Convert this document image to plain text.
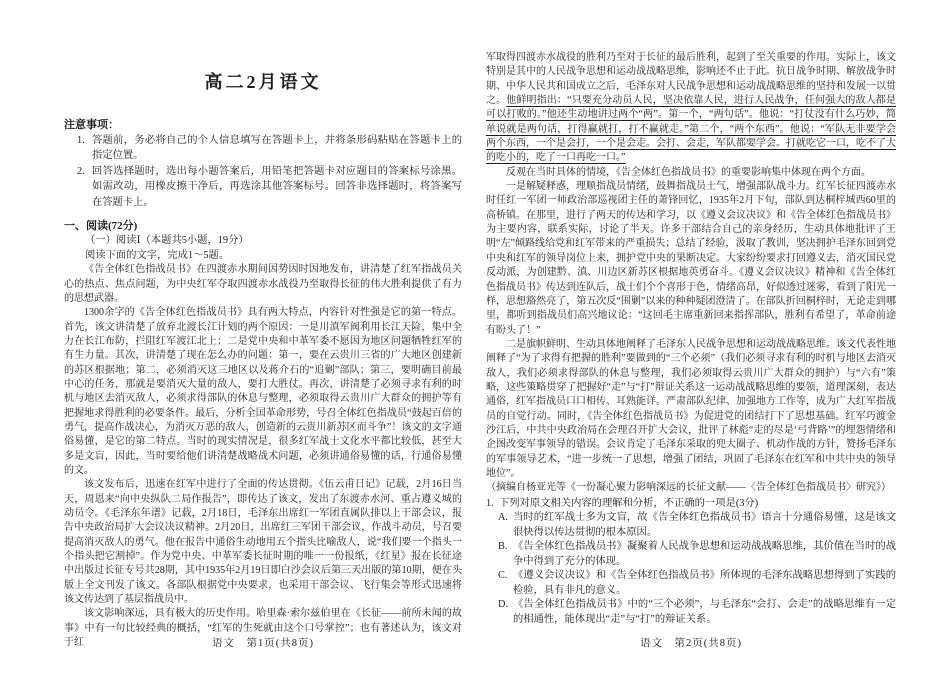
高二2月语文
注意事项：
1. 答题前，务必将自己的个人信息填写在答题卡上，并将条形码粘贴在答题卡上的指定位置。
2. 回答选择题时，选出每小题答案后，用铅笔把答题卡对应题目的答案标号涂黑。如需改动，用橡皮擦干净后，再选涂其他答案标号。回答非选择题时，将答案写在答题卡上。
一、阅读(72分)
（一）阅读Ⅰ（本题共5小题，19分）
阅读下面的文字，完成1～5题。

《告全体红色指战员书》在四渡赤水期间因势因时因地发布，讲清楚了红军指战员关心的热点、焦点问题，为中央红军夺取四渡赤水战役乃至取得长征的伟大胜利提供了有力的思想武器。

1300余字的《告全体红色指战员书》具有两大特点，内容针对性强是它的第一特点。首先，该文讲清楚了放弃北渡长江计划的两个原因：一是川滇军阀利用长江天险，集中全力在长江布防，拦阻红军渡江北上；二是党中央和中革军委不愿因为地区问题牺牲红军的有生力量。其次，讲清楚了现在怎么办的问题：第一，要在云贵川三省的广大地区创建新的苏区根据地；第二，必须消灭这三地区以及蒋介石的“追剿”部队；第三，要明确目前最中心的任务，那就是要消灭大量的敌人，要打大胜仗。再次，讲清楚了必须寻求有利的时机与地区去消灭敌人，必须求得部队的休息与整理，必须取得云贵川广大群众的拥护等有把握地求得胜利的必要条件。最后，分析全国革命形势，号召全体红色指战员“鼓起百倍的勇气，提高作战决心，为消灭万恶的敌人，创造新的云贵川新苏区而斗争”！该文的文字通俗易懂，是它的第二特点。当时的现实情况是，很多红军战士文化水平都比较低，甚至大多是文盲，因此，当时要给他们讲清楚战略战术问题，必须讲通俗易懂的话，行通俗易懂的文。

该文发布后，迅速在红军中进行了全面的传达贯彻。《伍云甫日记》记载，2月16日当天，周恩来“向中央纵队二局作报告”，即传达了该文，发出了东渡赤水河、重占遵义城的动员令。《毛泽东年谱》记载，2月18日，毛泽东出席红一军团直属队排以上干部会议，报告中央政治局扩大会议决议精神。2月20日，出席红三军团干部会议，作战斗动员，号召要提高消灭敌人的勇气。他在报告中通俗生动地用五个指头比喻敌人，说“我们要一个指头一个指头把它割掉”。作为党中央、中革军委长征时期的唯一一份报纸，《红星》报在长征途中出版过长征专号共28期，其中1935年2月19日即白沙会议后第三天出版的第10期，便在头版上全文刊发了该文。各部队根据党中央要求，也采用干部会议、飞行集会等形式迅速将该文传达到了基层指战员中。

该文影响深远，具有极大的历史作用。哈里森·索尔兹伯里在《长征——前所未闻的故事》中有一句比较经典的概括，“红军的生死就由这个口号掌控”；也有著述认为，该文对于红	语文　第1页(共8页)

军取得四渡赤水战役的胜利乃至对于长征的最后胜利，起到了至关重要的作用。实际上，该文特别是其中的人民战争思想和运动战战略思维，影响还不止于此。抗日战争时期、解放战争时期、中华人民共和国成立之后，毛泽东对人民战争思想和运动战战略思维的坚持和发展一以贯之。他鲜明指出：“只要充分动员人民，坚决依靠人民，进行人民战争，任何强大的敌人都是可以打败的。”他还生动地讲过两个“两”。第一个，“两句话”。他说：“打仗没有什么巧妙，简单说就是两句话，打得赢就打，打不赢就走。”第二个，“两个东西”。他说：“军队无非要学会两个东西，一个是会打，一个是会走。会打、会走，军队都要学会。打就吃它一口，吃不了大的吃小的，吃了一口再吃一口。”

反观在当时具体的情境，《告全体红色指战员书》的重要影响集中体现在两个方面。

一是解疑释惑，理顺指战员情绪，鼓舞指战员士气，增强部队战斗力。红军长征四渡赤水时任红一军团一师政治部巡视团主任的萧锋回忆，1935年2月下旬，部队到达桐梓城西60里的高桥镇。在那里，进行了两天的传达和学习，以《遵义会议决议》和《告全体红色指战员书》为主要内容，联系实际，讨论了半天。许多干部结合自己的亲身经历，生动具体地批评了王明“左”倾路线给党和红军带来的严重损失；总结了经验，汲取了教训，坚决拥护毛泽东回到党中央和红军的领导岗位上来，拥护党中央的果断决定。大家纷纷要求打回遵义去，消灭国民党反动派，为创建黔、滇、川边区新苏区根据地英勇奋斗。《遵义会议决议》精神和《告全体红色指战员书》传达到连队后，战士们个个喜形于色，情绪高昂，好似透过迷雾，看到了阳光一样，思想豁然亮了，第五次反“围剿”以来的种种疑团澄清了。在部队折回桐梓时，无论走到哪里，都听到指战员们高兴地议论：“这回毛主席重新回来指挥部队，胜利有希望了，革命前途有盼头了！”

二是旗帜鲜明、生动具体地阐释了毛泽东人民战争思想和运动战战略思维。该文代表性地阐释了“为了求得有把握的胜利”要做到的“三个必须”（我们必须寻求有利的时机与地区去消灭敌人，我们必须求得部队的休息与整理，我们必须取得云贵川广大群众的拥护）与“六有”策略，这些策略贯穿了把握好“走”与“打”辩证关系这一运动战战略思维的要领，道理深刻，表达通俗，红军指战员口口相传、耳熟能详。严肃部队纪律、加强地方工作等，成为广大红军指战员的自觉行动。同时，《告全体红色指战员书》为促进党的团结打下了思想基础。红军巧渡金沙江后，中共中央政治局在会理召开扩大会议，批评了林彪“走的尽是‘弓背路’”的埋怨情绪和企图改变军事领导的错误。会议肯定了毛泽东采取的兜大圈子、机动作战的方针，赞扬毛泽东的军事领导艺术，“进一步统一了思想，增强了团结，巩固了毛泽东在红军和中共中央的领导地位”。

（摘编自杨亚光等《一份凝心聚力影响深远的长征文献——〈告全体红色指战员书〉研究》）

1. 下列对原文相关内容的理解和分析，不正确的一项是(3分)
A. 当时的红军战士多为文盲，故《告全体红色指战员书》语言十分通俗易懂，这是该文很快得以传达贯彻的根本原因。
B. 《告全体红色指战员书》凝聚着人民战争思想和运动战战略思维，其价值在当时的战争中得到了充分的体现。
C. 《遵义会议决议》和《告全体红色指战员书》所体现的毛泽东战略思想得到了实践的检验，具有非凡的意义。
D. 《告全体红色指战员书》中的“三个必须”，与毛泽东“会打、会走”的战略思维有一定的相通性，能体现出“走”与“打”的辩证关系。
语文　第2页(共8页)
